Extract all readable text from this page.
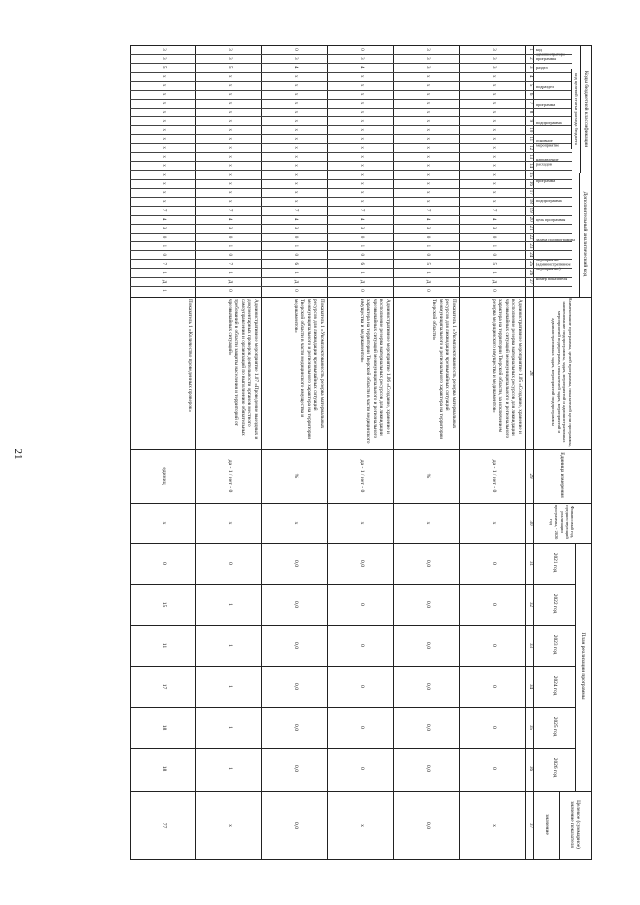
21
Коды бюджетной классификации
код целевой статьи расхода бюджета
Дополнительный аналитический код
Наименование программы, целей программы, показателей цели программы, наименование подпрограммы, задач, мероприятий и административных мероприятий подпрограмм, показателей задач, мероприятий и административных задач, мероприятий подпрограммы
Единица измерения
Финансовый год, предшествующий реализации программы, - 2020 год
План реализации программы
Целевое (суммарное) значение показателя
значение
2021 год
2022 год
2023 год
2024 год
2025 год
2026 год
код администратора программы
раздел
подраздел
программа
подпрограмма
основное мероприятие
направление расходов
программа
подпрограмма
цель программы
задача подпрограммы
мероприятие (административное мероприятие)
номер показателя
1
2
3
4
5
6
7
8
9
10
11
12
13
14
15
16
17
18
19
20
21
22
23
24
25
26
27
28
29
30
31
32
33
34
35
36
37
3
3
3
x
x
x
x
x
x
x
x
x
x
x
x
x
x
x
7
4
3
0
1
0
5
1
Д
0
Административное мероприятие 1.05 «Создание, хранение и восполнение резерва материальных ресурсов для ликвидации чрезвычайных ситуаций межмуниципального и регионального характера на территории Тверской области, за исключением резерва медицинского имущества и медикаментов»
да - 1 / нет - 0
x
0
0
0
0
0
0
x
3
3
3
x
x
x
x
x
x
x
x
x
x
x
x
x
x
x
7
4
3
0
1
0
5
1
Д
0
Показатель 1 «Укомплектованность резерва материальных ресурсов для ликвидации чрезвычайных ситуаций межмуниципального и регионального характера на территории Тверской области»
%
x
0,0
0,0
0,0
0,0
0,0
0,0
0,0
0
3
4
x
x
x
x
x
x
x
x
x
x
x
x
x
x
x
7
4
3
0
1
0
6
1
Д
0
Административное мероприятие 1.06 «Создание, хранение и восполнение резерва материальных ресурсов для ликвидации чрезвычайных ситуаций межмуниципального и регионального характера на территории Тверской области в части медицинского имущества и медикаментов»
да - 1 / нет - 0
x
0,0
0
0
0
0
0
x
0
3
4
x
x
x
x
x
x
x
x
x
x
x
x
x
x
x
7
4
3
0
1
0
6
1
Д
0
Показатель 1 «Укомплектованность резерва материальных ресурсов для ликвидации чрезвычайных ситуаций межмуниципального и регионального характера на территории Тверской области в части медицинского имущества и медикаментов»
%
x
0,0
0,0
0,0
0,0
0,0
0,0
0,0
3
3
5
x
x
x
x
x
x
x
x
x
x
x
x
x
x
x
7
4
3
0
1
0
7
1
Д
0
Административное мероприятие 1.07 «Проведение выездных и документарных проверок деятельности органов местного самоуправления и организаций по выполнению обязательных требований в области защиты населения и территорий от чрезвычайных ситуаций»
да - 1 / нет - 0
x
0
1
1
1
1
1
x
3
3
5
x
x
x
x
x
x
x
x
x
x
x
x
x
x
x
7
4
3
0
1
0
7
1
Д
1
Показатель 1 «Количество проведенных проверок»
единиц
x
0
15
11
17
18
18
77
